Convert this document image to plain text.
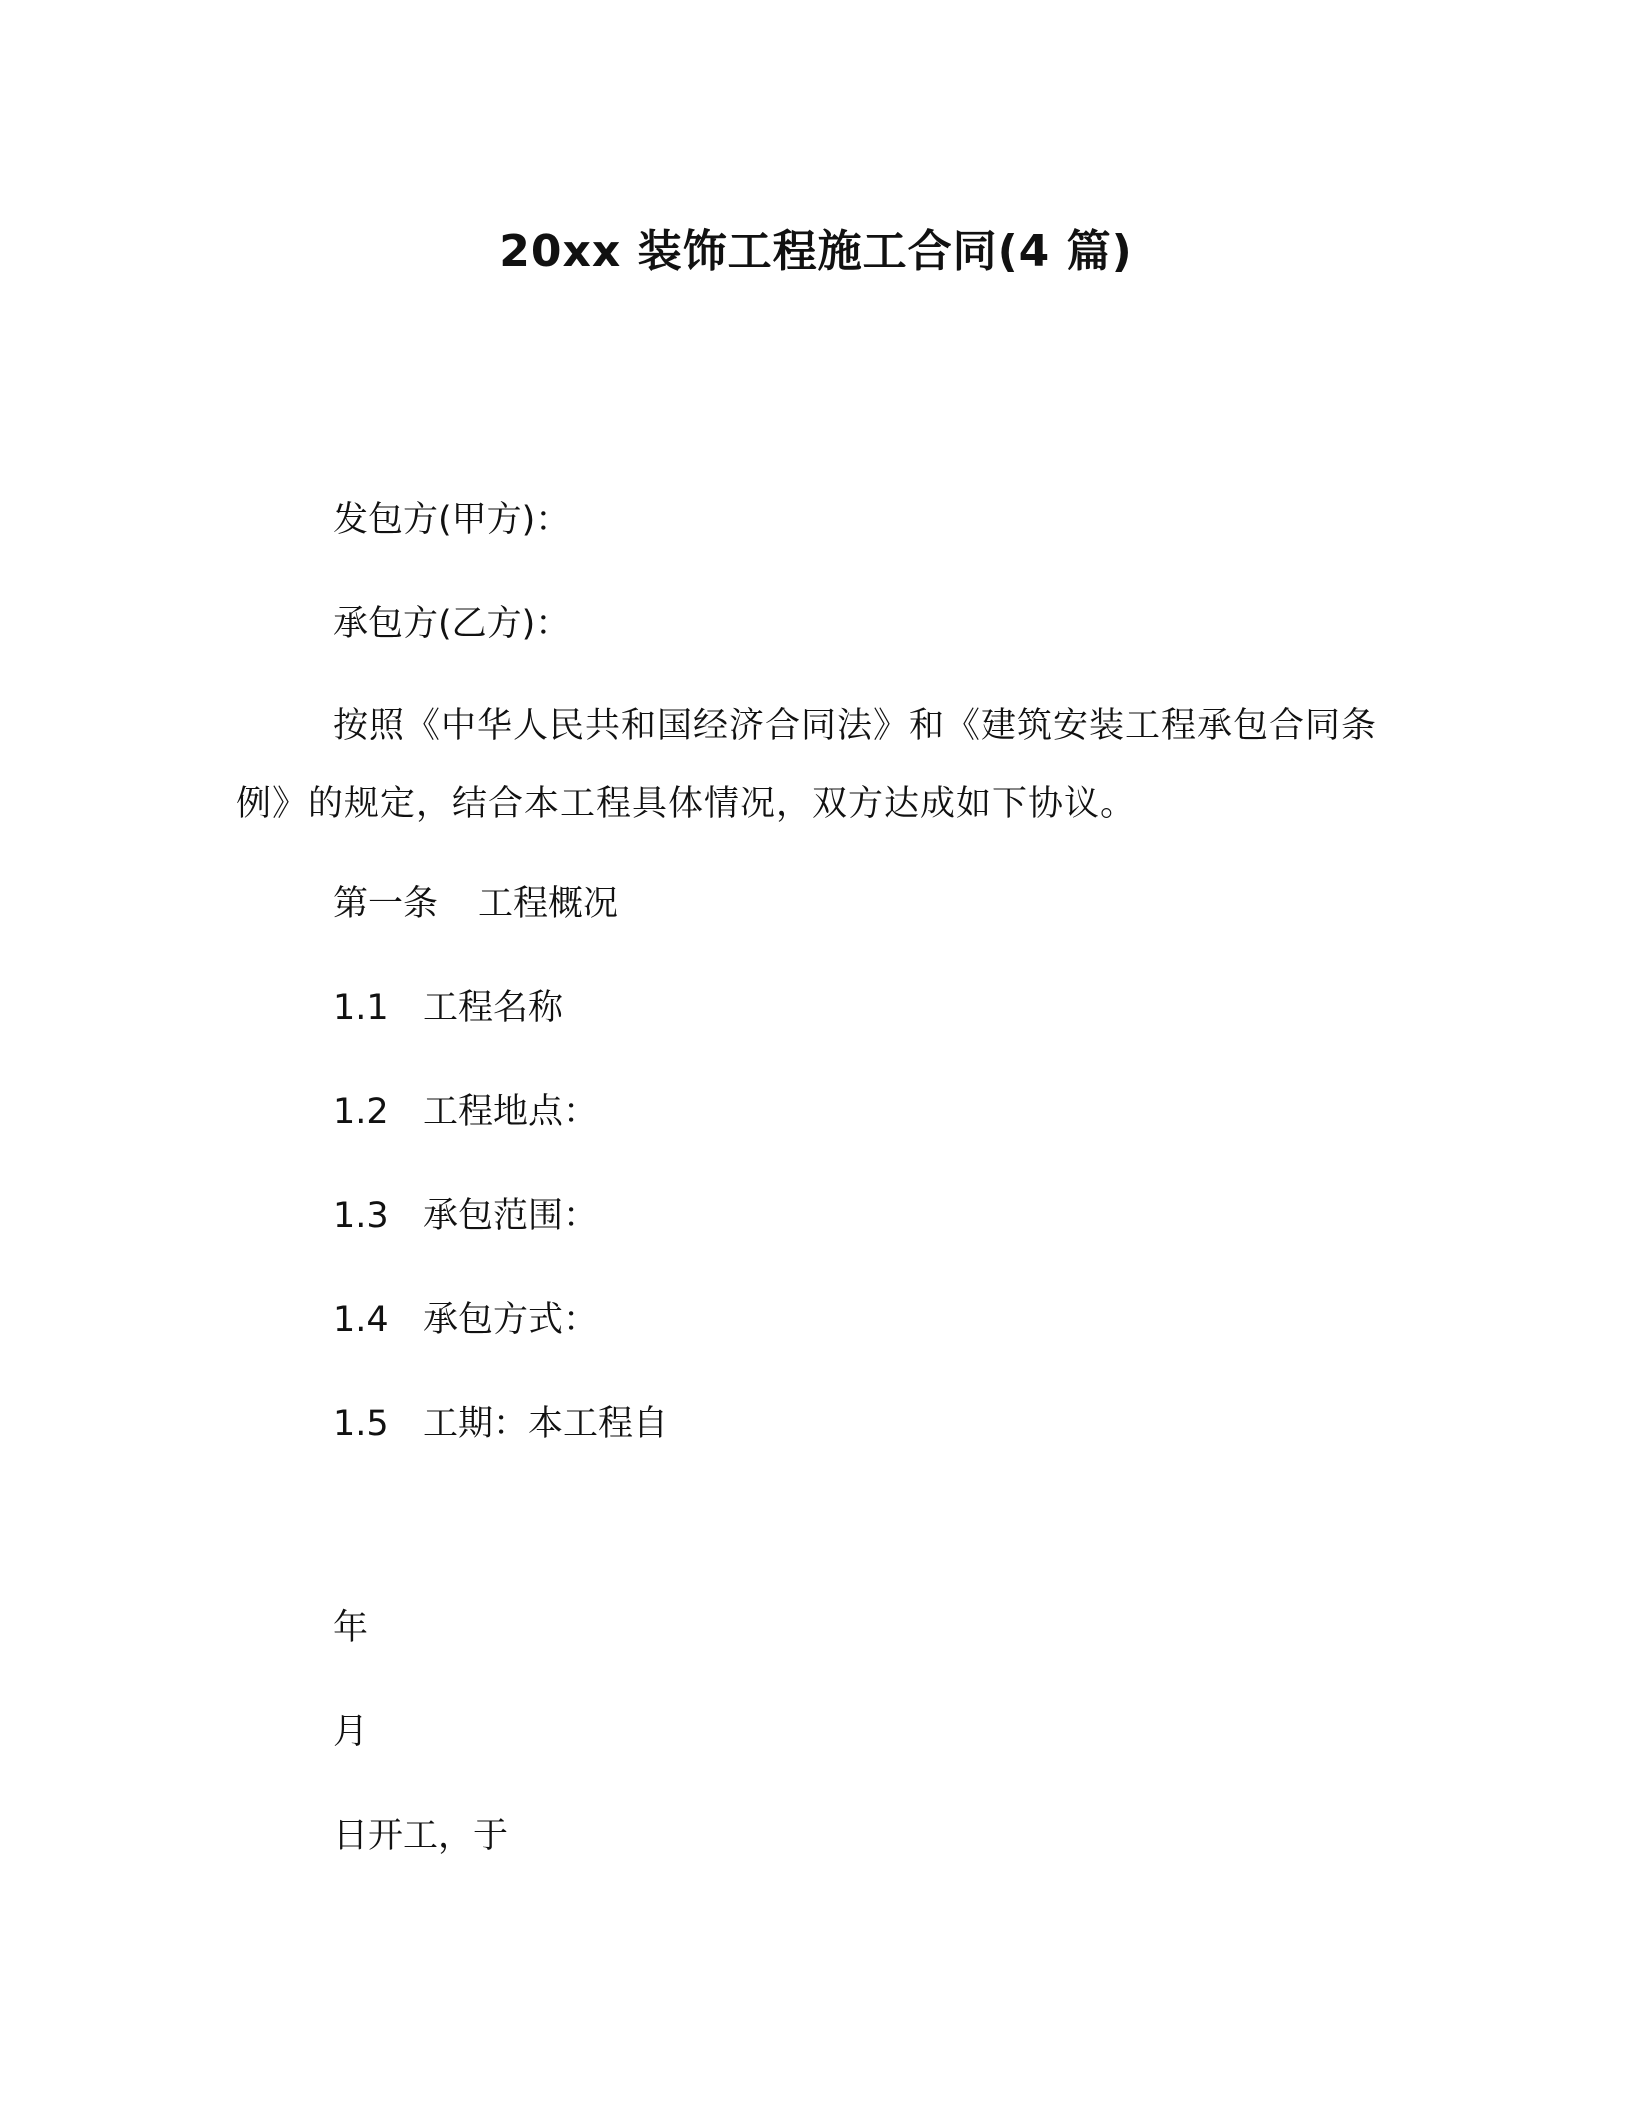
20xx 装饰工程施工合同(4 篇)
发包方(甲方)：
承包方(乙方)：
按照《中华人民共和国经济合同法》和《建筑安装工程承包合同条例》的规定，结合本工程具体情况，双方达成如下协议。
第一条 工程概况
1.1 工程名称
1.2 工程地点：
1.3 承包范围：
1.4 承包方式：
1.5 工期：本工程自
年
月
日开工，于
